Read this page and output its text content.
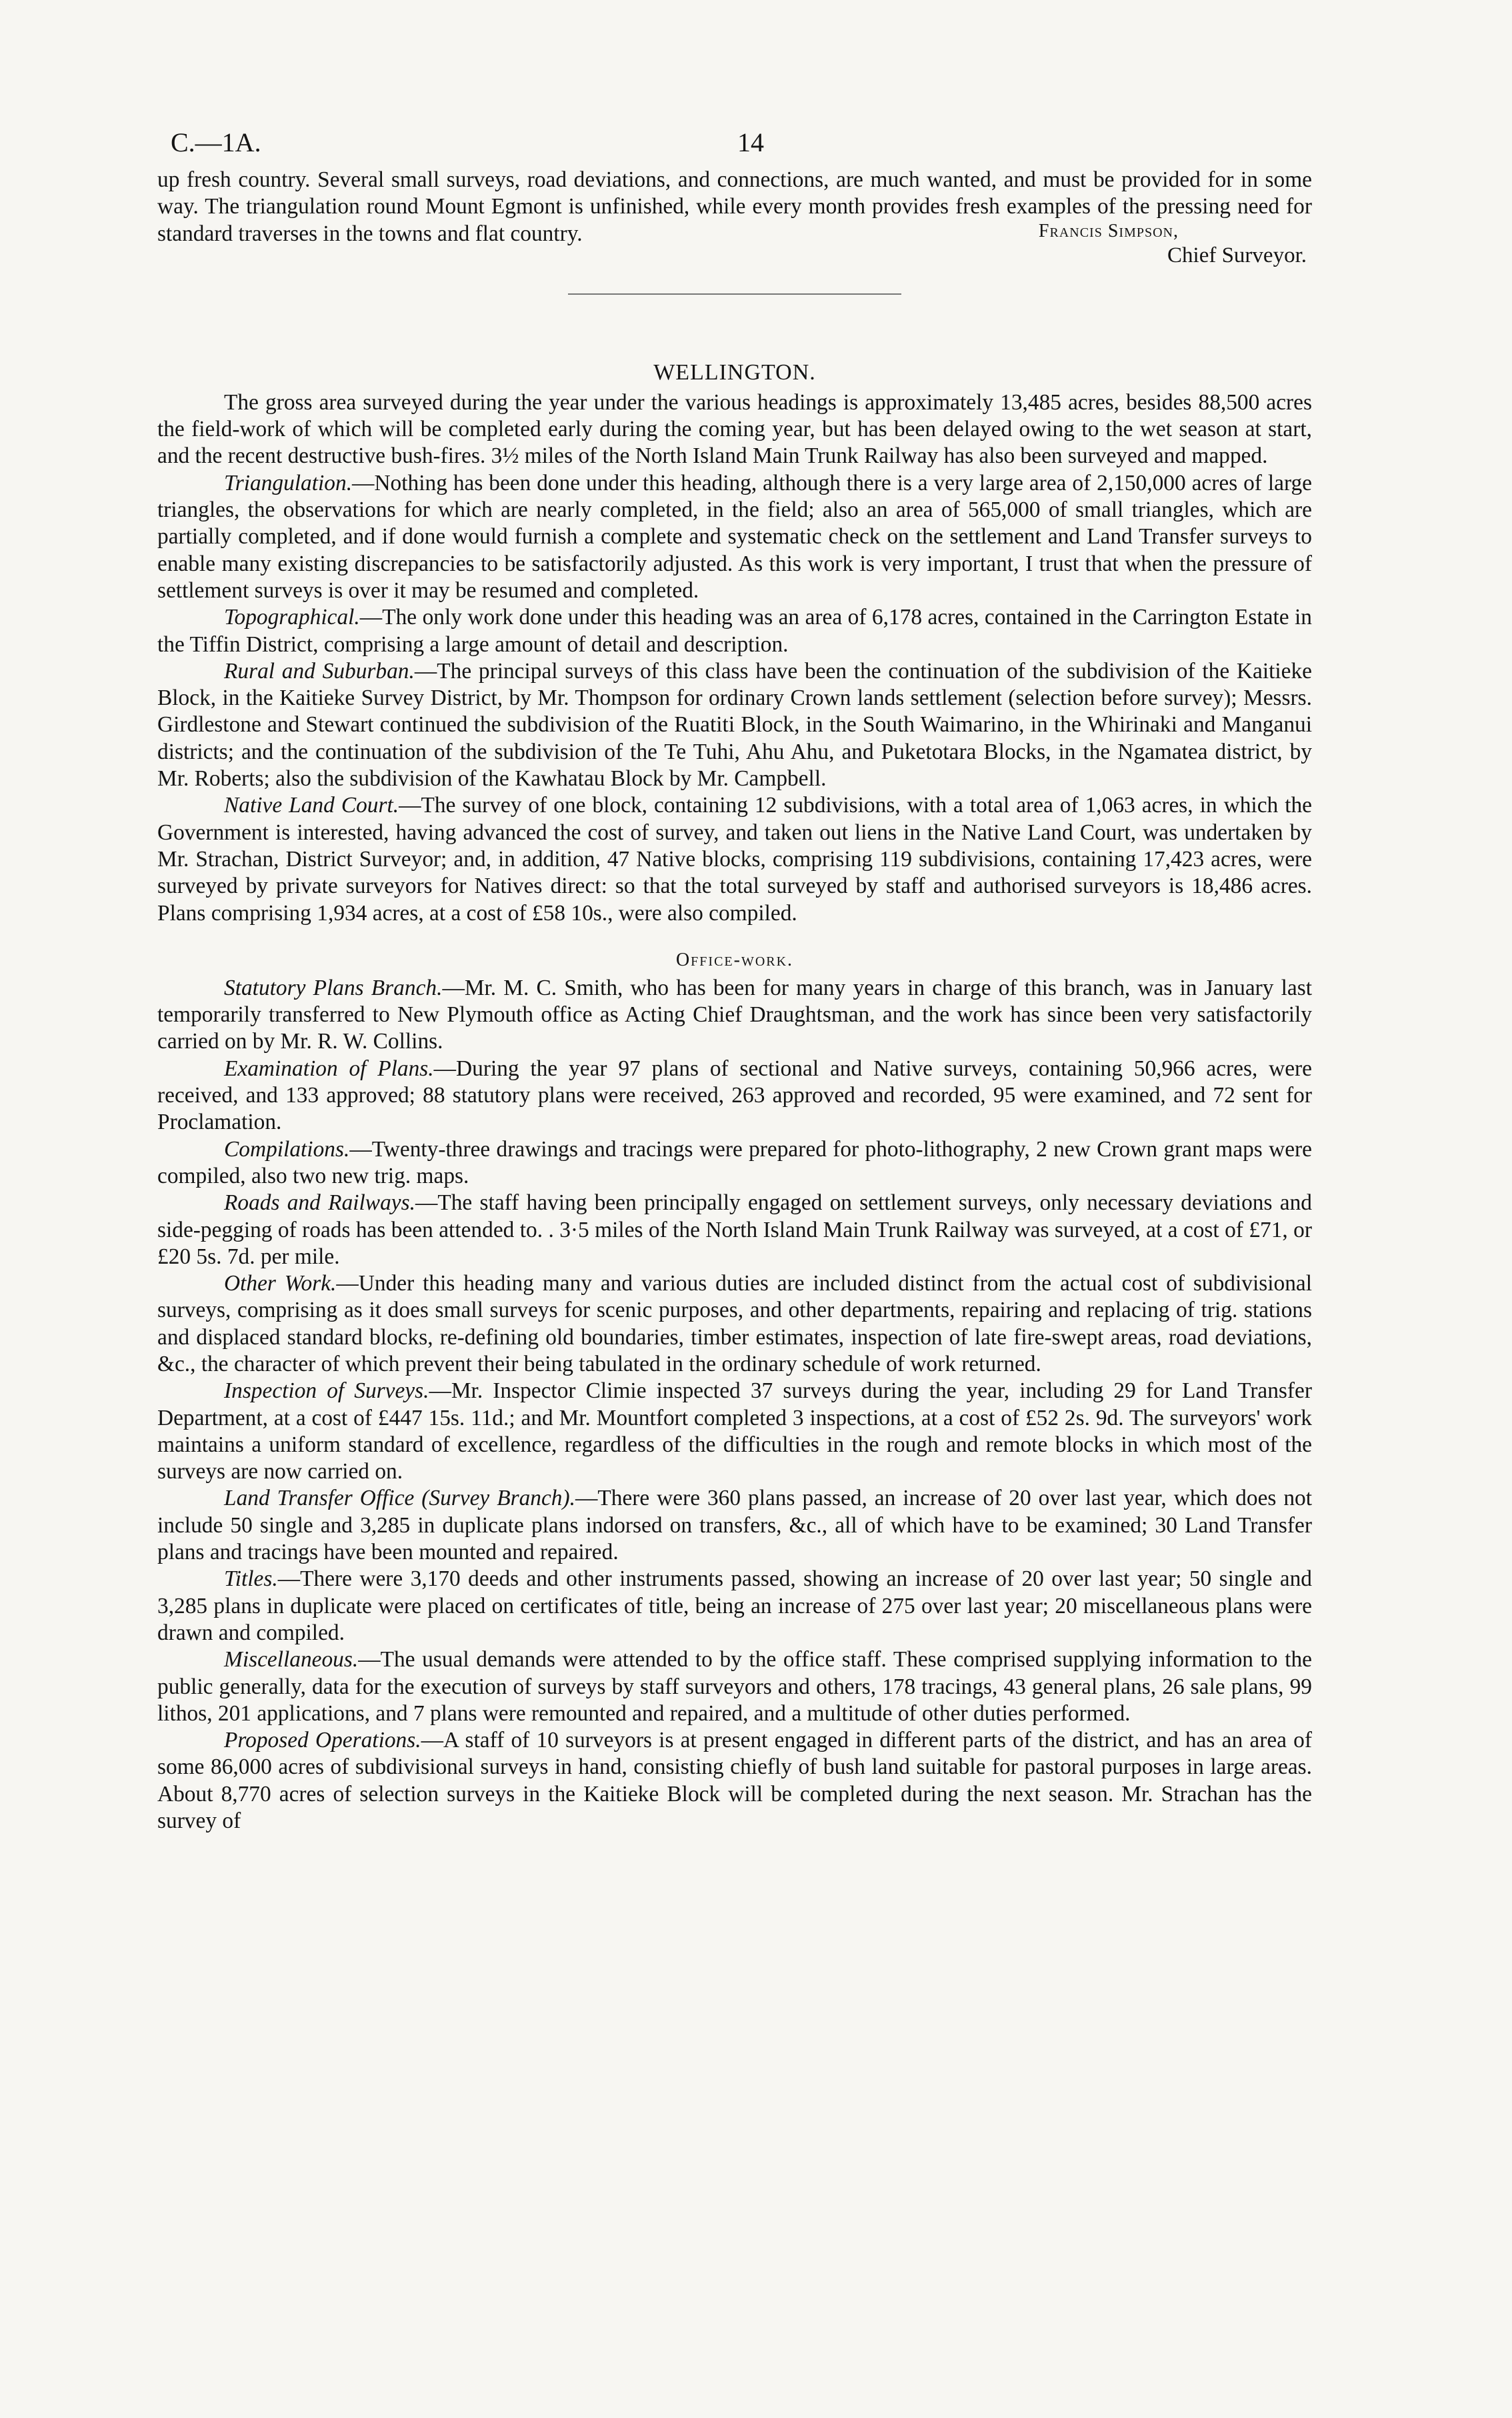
C.—1A.	14

up fresh country. Several small surveys, road deviations, and connections, are much wanted, and must be provided for in some way. The triangulation round Mount Egmont is unfinished, while every month provides fresh examples of the pressing need for standard traverses in the towns and flat country.	Francis Simpson,
Chief Surveyor.
WELLINGTON.

The gross area surveyed during the year under the various headings is approximately 13,485 acres, besides 88,500 acres the field-work of which will be completed early during the coming year, but has been delayed owing to the wet season at start, and the recent destructive bush-fires. 3½ miles of the North Island Main Trunk Railway has also been surveyed and mapped.

Triangulation.—Nothing has been done under this heading, although there is a very large area of 2,150,000 acres of large triangles, the observations for which are nearly completed, in the field; also an area of 565,000 of small triangles, which are partially completed, and if done would furnish a complete and systematic check on the settlement and Land Transfer surveys to enable many existing discrepancies to be satisfactorily adjusted. As this work is very important, I trust that when the pressure of settlement surveys is over it may be resumed and completed.

Topographical.—The only work done under this heading was an area of 6,178 acres, contained in the Carrington Estate in the Tiffin District, comprising a large amount of detail and description.

Rural and Suburban.—The principal surveys of this class have been the continuation of the subdivision of the Kaitieke Block, in the Kaitieke Survey District, by Mr. Thompson for ordinary Crown lands settlement (selection before survey); Messrs. Girdlestone and Stewart continued the subdivision of the Ruatiti Block, in the South Waimarino, in the Whirinaki and Manganui districts; and the continuation of the subdivision of the Te Tuhi, Ahu Ahu, and Puketotara Blocks, in the Ngamatea district, by Mr. Roberts; also the subdivision of the Kawhatau Block by Mr. Campbell.

Native Land Court.—The survey of one block, containing 12 subdivisions, with a total area of 1,063 acres, in which the Government is interested, having advanced the cost of survey, and taken out liens in the Native Land Court, was undertaken by Mr. Strachan, District Surveyor; and, in addition, 47 Native blocks, comprising 119 subdivisions, containing 17,423 acres, were surveyed by private surveyors for Natives direct: so that the total surveyed by staff and authorised surveyors is 18,486 acres. Plans comprising 1,934 acres, at a cost of £58 10s., were also compiled.

Office-work.

Statutory Plans Branch.—Mr. M. C. Smith, who has been for many years in charge of this branch, was in January last temporarily transferred to New Plymouth office as Acting Chief Draughtsman, and the work has since been very satisfactorily carried on by Mr. R. W. Collins.

Examination of Plans.—During the year 97 plans of sectional and Native surveys, containing 50,966 acres, were received, and 133 approved; 88 statutory plans were received, 263 approved and recorded, 95 were examined, and 72 sent for Proclamation.

Compilations.—Twenty-three drawings and tracings were prepared for photo-lithography, 2 new Crown grant maps were compiled, also two new trig. maps.

Roads and Railways.—The staff having been principally engaged on settlement surveys, only necessary deviations and side-pegging of roads has been attended to. . 3·5 miles of the North Island Main Trunk Railway was surveyed, at a cost of £71, or £20 5s. 7d. per mile.

Other Work.—Under this heading many and various duties are included distinct from the actual cost of subdivisional surveys, comprising as it does small surveys for scenic purposes, and other departments, repairing and replacing of trig. stations and displaced standard blocks, re-defining old boundaries, timber estimates, inspection of late fire-swept areas, road deviations, &c., the character of which prevent their being tabulated in the ordinary schedule of work returned.

Inspection of Surveys.—Mr. Inspector Climie inspected 37 surveys during the year, including 29 for Land Transfer Department, at a cost of £447 15s. 11d.; and Mr. Mountfort completed 3 inspections, at a cost of £52 2s. 9d. The surveyors' work maintains a uniform standard of excellence, regardless of the difficulties in the rough and remote blocks in which most of the surveys are now carried on.

Land Transfer Office (Survey Branch).—There were 360 plans passed, an increase of 20 over last year, which does not include 50 single and 3,285 in duplicate plans indorsed on transfers, &c., all of which have to be examined; 30 Land Transfer plans and tracings have been mounted and repaired.

Titles.—There were 3,170 deeds and other instruments passed, showing an increase of 20 over last year; 50 single and 3,285 plans in duplicate were placed on certificates of title, being an increase of 275 over last year; 20 miscellaneous plans were drawn and compiled.

Miscellaneous.—The usual demands were attended to by the office staff. These comprised supplying information to the public generally, data for the execution of surveys by staff surveyors and others, 178 tracings, 43 general plans, 26 sale plans, 99 lithos, 201 applications, and 7 plans were remounted and repaired, and a multitude of other duties performed.

Proposed Operations.—A staff of 10 surveyors is at present engaged in different parts of the district, and has an area of some 86,000 acres of subdivisional surveys in hand, consisting chiefly of bush land suitable for pastoral purposes in large areas. About 8,770 acres of selection surveys in the Kaitieke Block will be completed during the next season. Mr. Strachan has the survey of
